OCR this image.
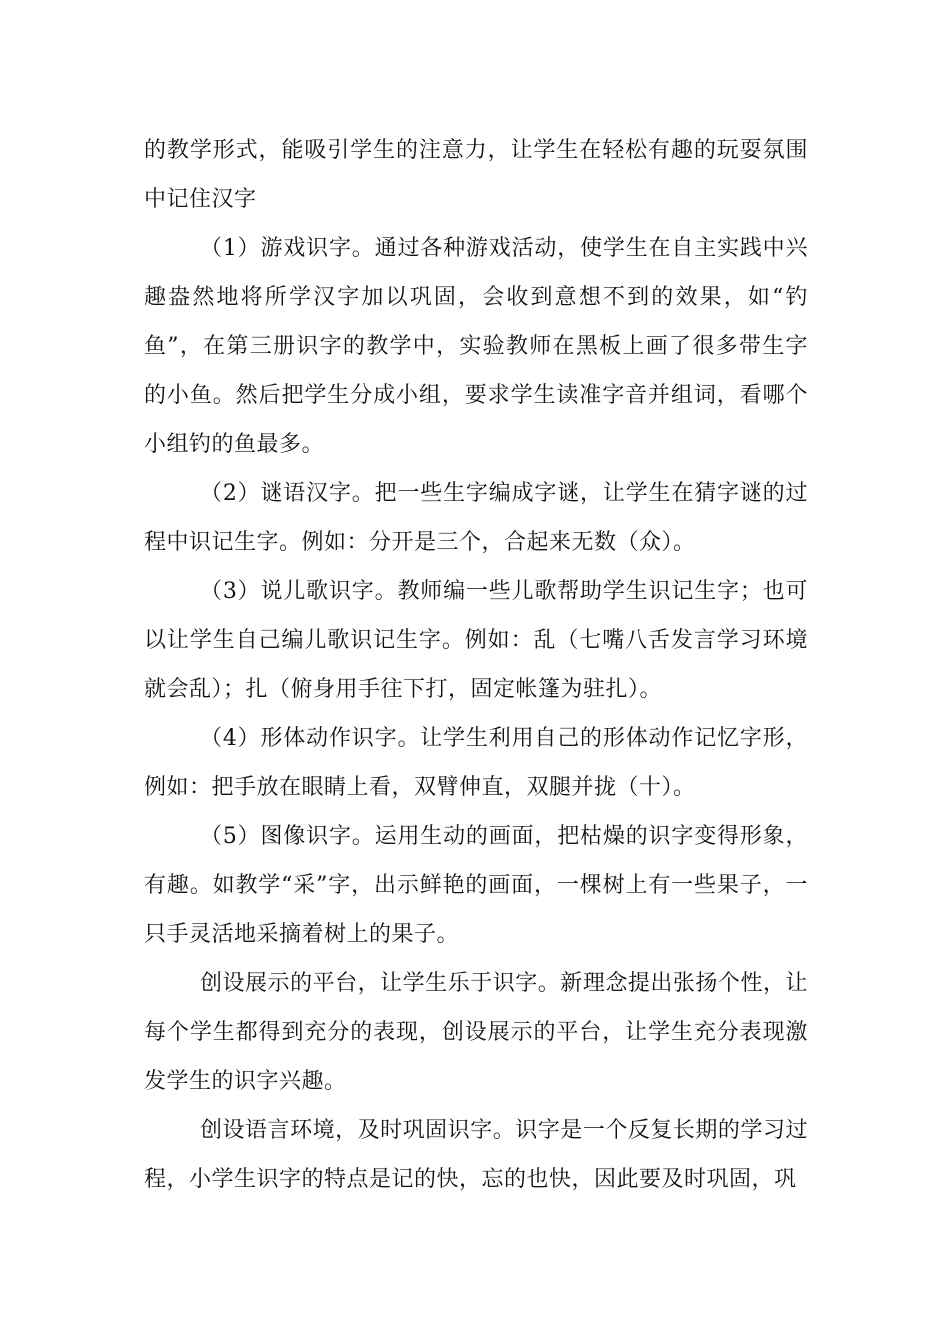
的教学形式，能吸引学生的注意力，让学生在轻松有趣的玩耍氛围中记住汉字

（1）游戏识字。通过各种游戏活动，使学生在自主实践中兴趣盎然地将所学汉字加以巩固，会收到意想不到的效果，如“钓鱼”，在第三册识字的教学中，实验教师在黑板上画了很多带生字的小鱼。然后把学生分成小组，要求学生读准字音并组词，看哪个小组钓的鱼最多。

（2）谜语汉字。把一些生字编成字谜，让学生在猜字谜的过程中识记生字。例如：分开是三个，合起来无数（众）。

（3）说儿歌识字。教师编一些儿歌帮助学生识记生字；也可以让学生自己编儿歌识记生字。例如：乱（七嘴八舌发言学习环境就会乱）；扎（俯身用手往下打，固定帐篷为驻扎）。

（4）形体动作识字。让学生利用自己的形体动作记忆字形，例如：把手放在眼睛上看，双臂伸直，双腿并拢（十）。

（5）图像识字。运用生动的画面，把枯燥的识字变得形象，有趣。如教学“采”字，出示鲜艳的画面，一棵树上有一些果子，一只手灵活地采摘着树上的果子。

创设展示的平台，让学生乐于识字。新理念提出张扬个性，让每个学生都得到充分的表现，创设展示的平台，让学生充分表现激发学生的识字兴趣。

创设语言环境，及时巩固识字。识字是一个反复长期的学习过程，小学生识字的特点是记的快，忘的也快，因此要及时巩固，巩
